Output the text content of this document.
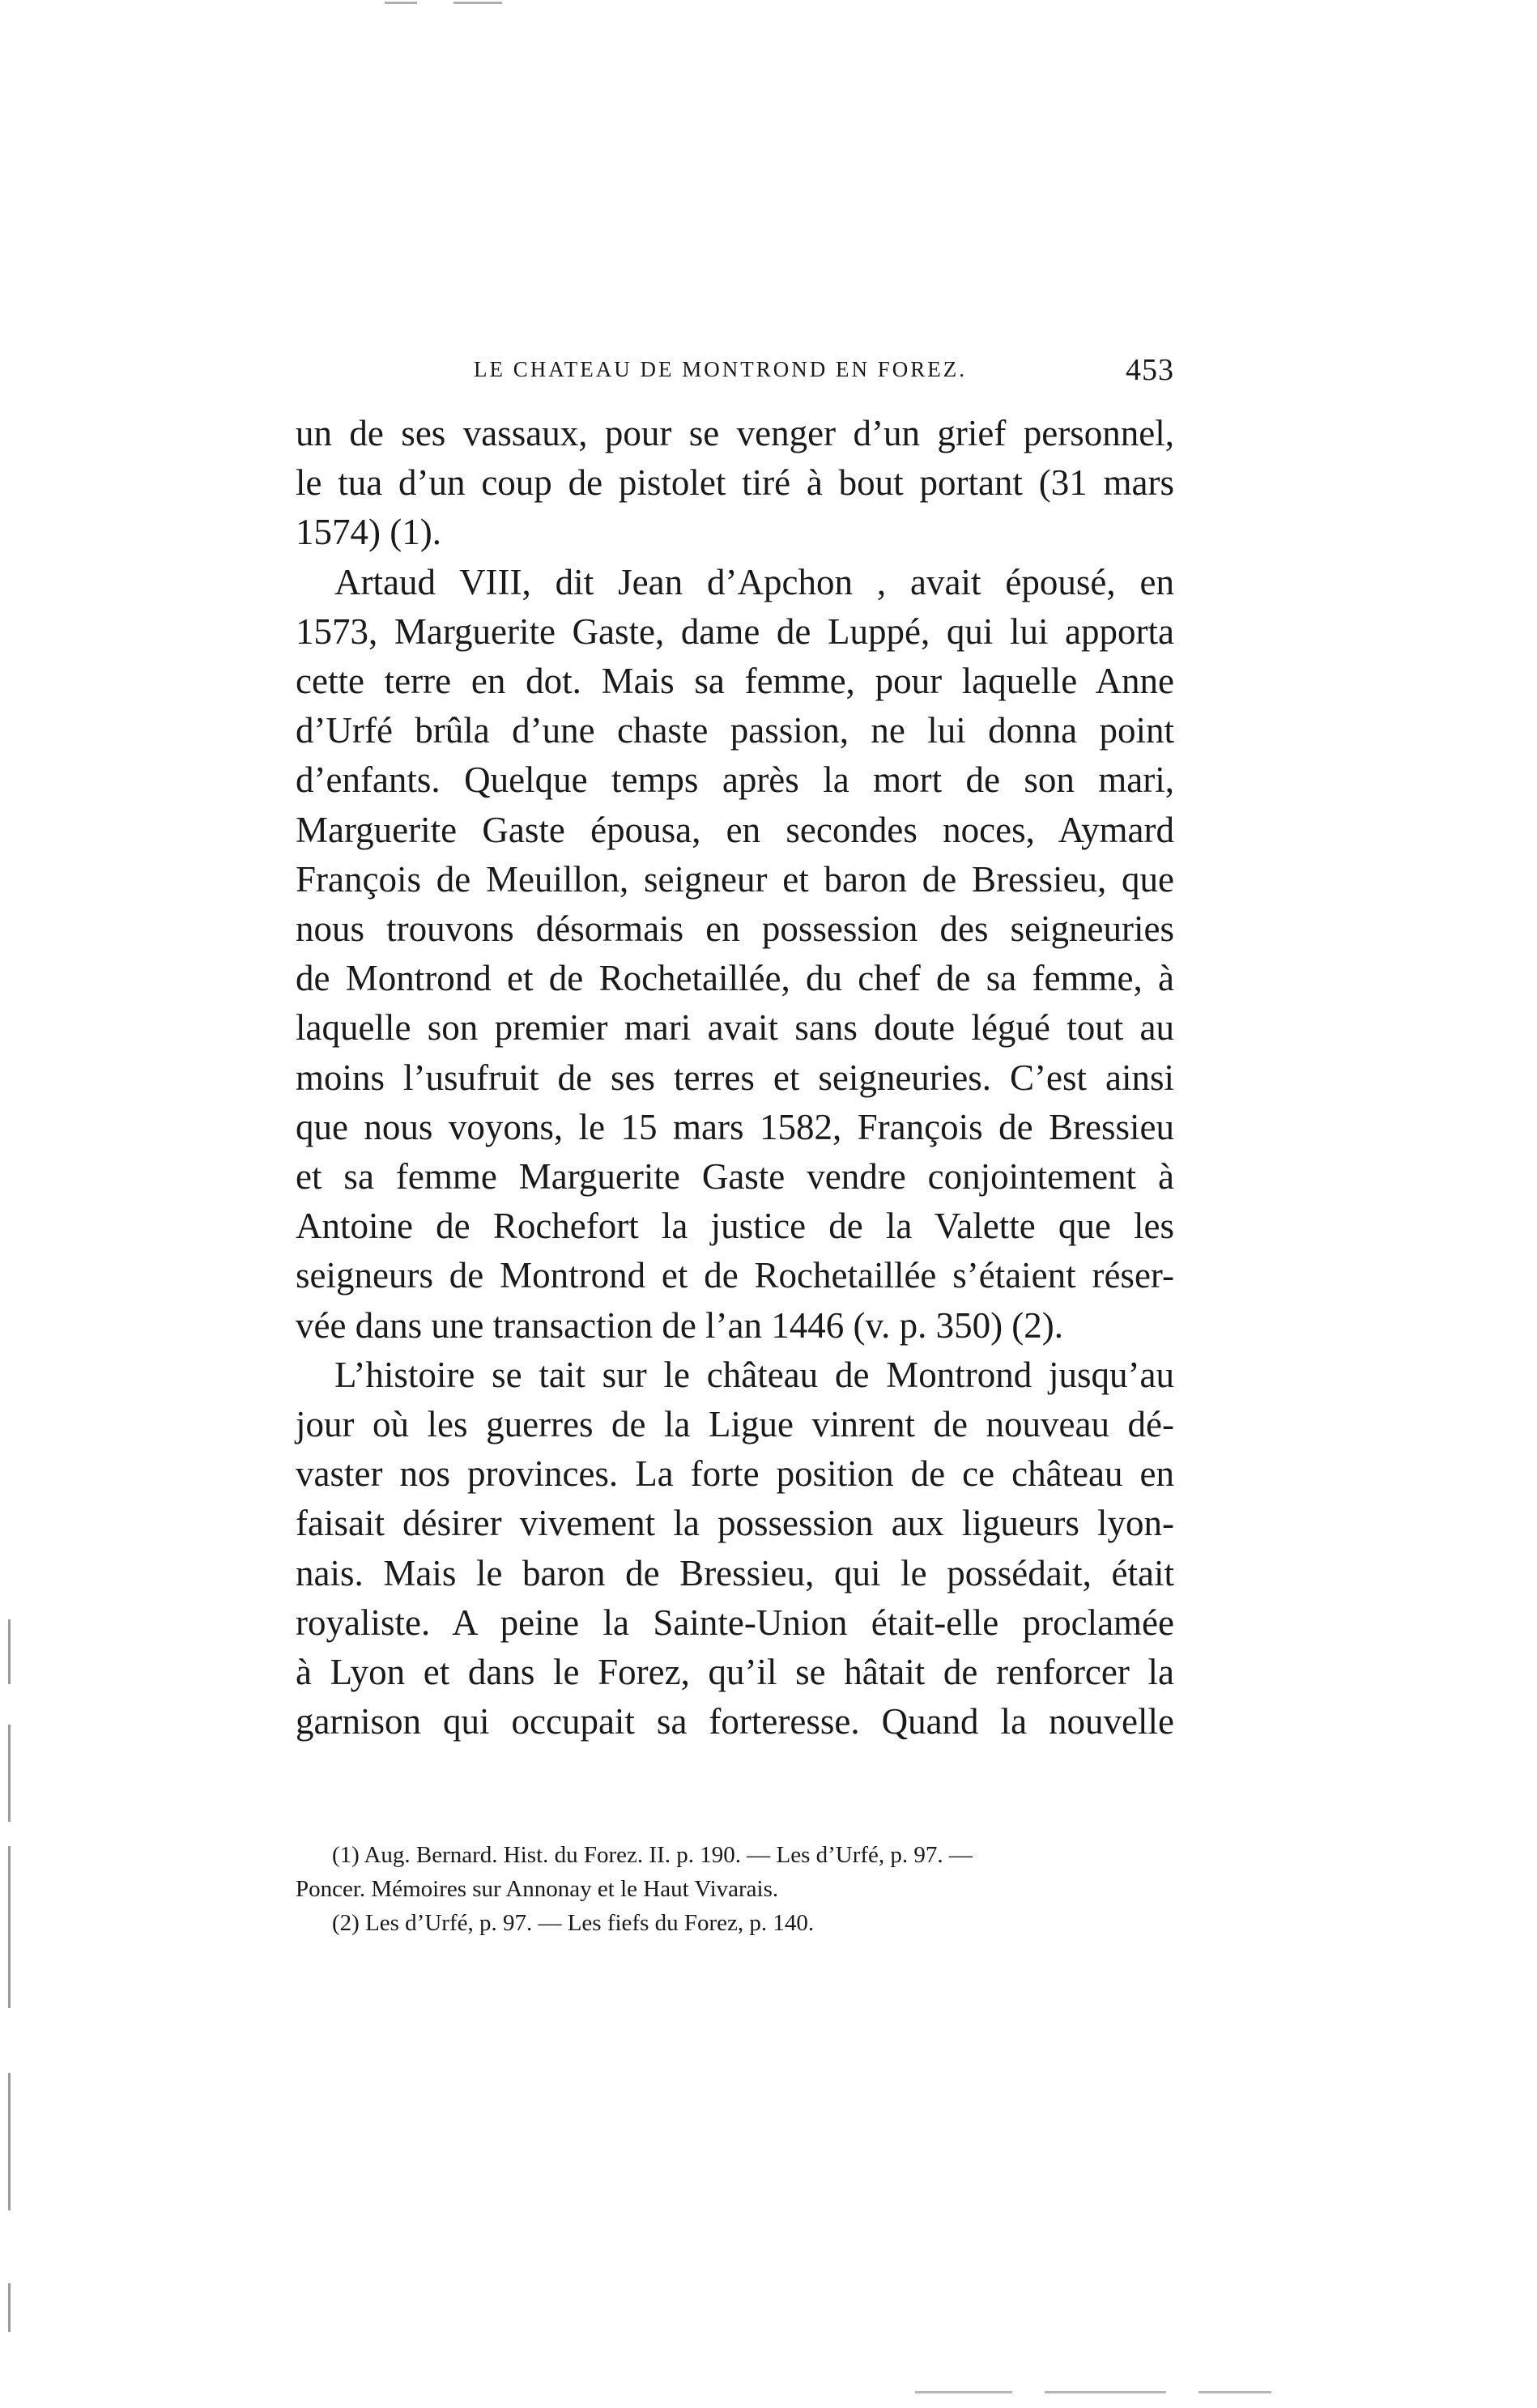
LE CHATEAU DE MONTROND EN FOREZ.	453
un de ses vassaux, pour se venger d’un grief personnel,
le tua d’un coup de pistolet tiré à bout portant (31 mars
1574) (1).
Artaud VIII, dit Jean d’Apchon , avait épousé, en
1573, Marguerite Gaste, dame de Luppé, qui lui apporta
cette terre en dot. Mais sa femme, pour laquelle Anne
d’Urfé brûla d’une chaste passion, ne lui donna point
d’enfants. Quelque temps après la mort de son mari,
Marguerite Gaste épousa, en secondes noces, Aymard
François de Meuillon, seigneur et baron de Bressieu, que
nous trouvons désormais en possession des seigneuries
de Montrond et de Rochetaillée, du chef de sa femme, à
laquelle son premier mari avait sans doute légué tout au
moins l’usufruit de ses terres et seigneuries. C’est ainsi
que nous voyons, le 15 mars 1582, François de Bressieu
et sa femme Marguerite Gaste vendre conjointement à
Antoine de Rochefort la justice de la Valette que les
seigneurs de Montrond et de Rochetaillée s’étaient réser-
vée dans une transaction de l’an 1446 (v. p. 350) (2).
L’histoire se tait sur le château de Montrond jusqu’au
jour où les guerres de la Ligue vinrent de nouveau dé-
vaster nos provinces. La forte position de ce château en
faisait désirer vivement la possession aux ligueurs lyon-
nais. Mais le baron de Bressieu, qui le possédait, était
royaliste. A peine la Sainte-Union était-elle proclamée
à Lyon et dans le Forez, qu’il se hâtait de renforcer la
garnison qui occupait sa forteresse. Quand la nouvelle
(1) Aug. Bernard. Hist. du Forez. II. p. 190. — Les d’Urfé, p. 97. —
Poncer. Mémoires sur Annonay et le Haut Vivarais.
(2) Les d’Urfé, p. 97. — Les fiefs du Forez, p. 140.
